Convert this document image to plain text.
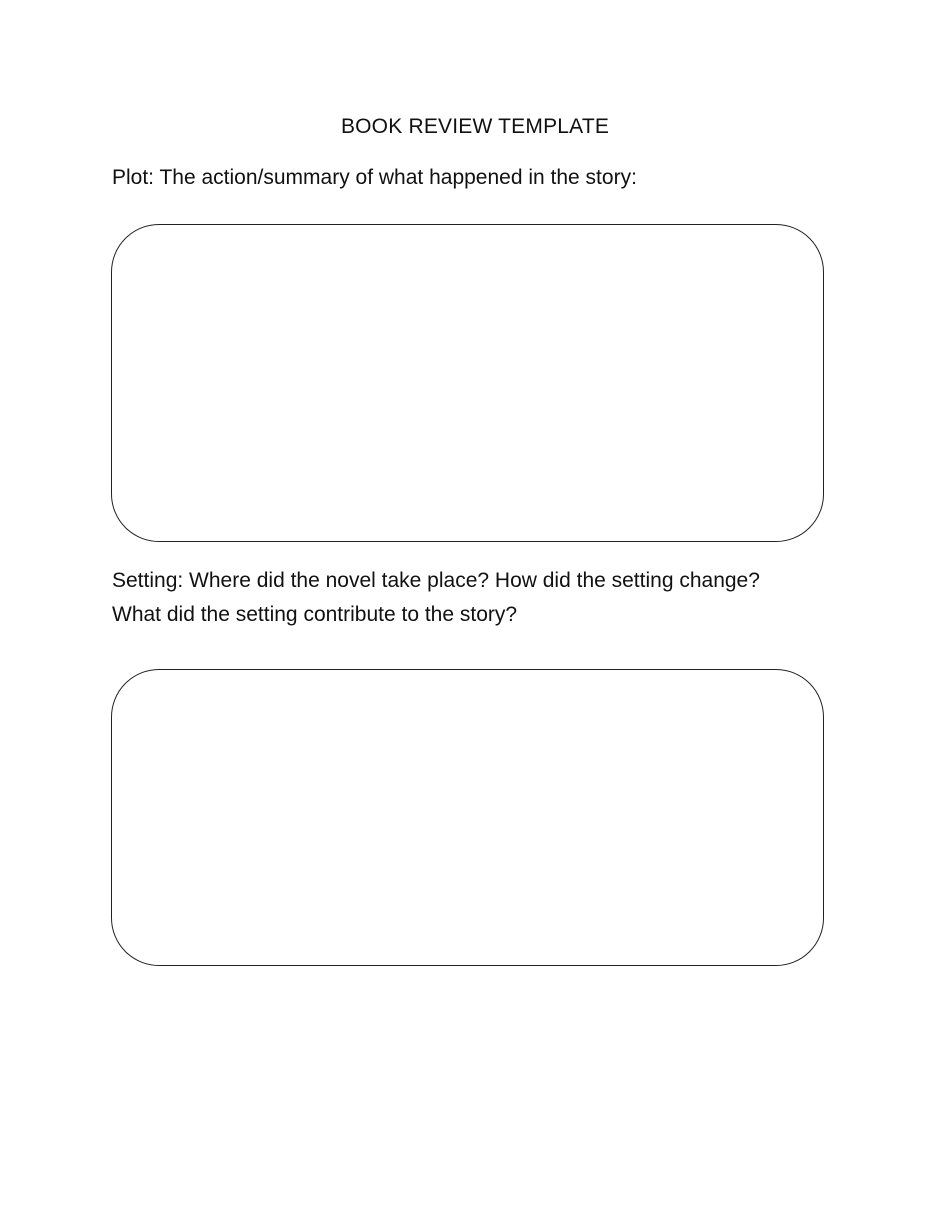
BOOK REVIEW TEMPLATE
Plot: The action/summary of what happened in the story:
Setting: Where did the novel take place? How did the setting change?
What did the setting contribute to the story?
